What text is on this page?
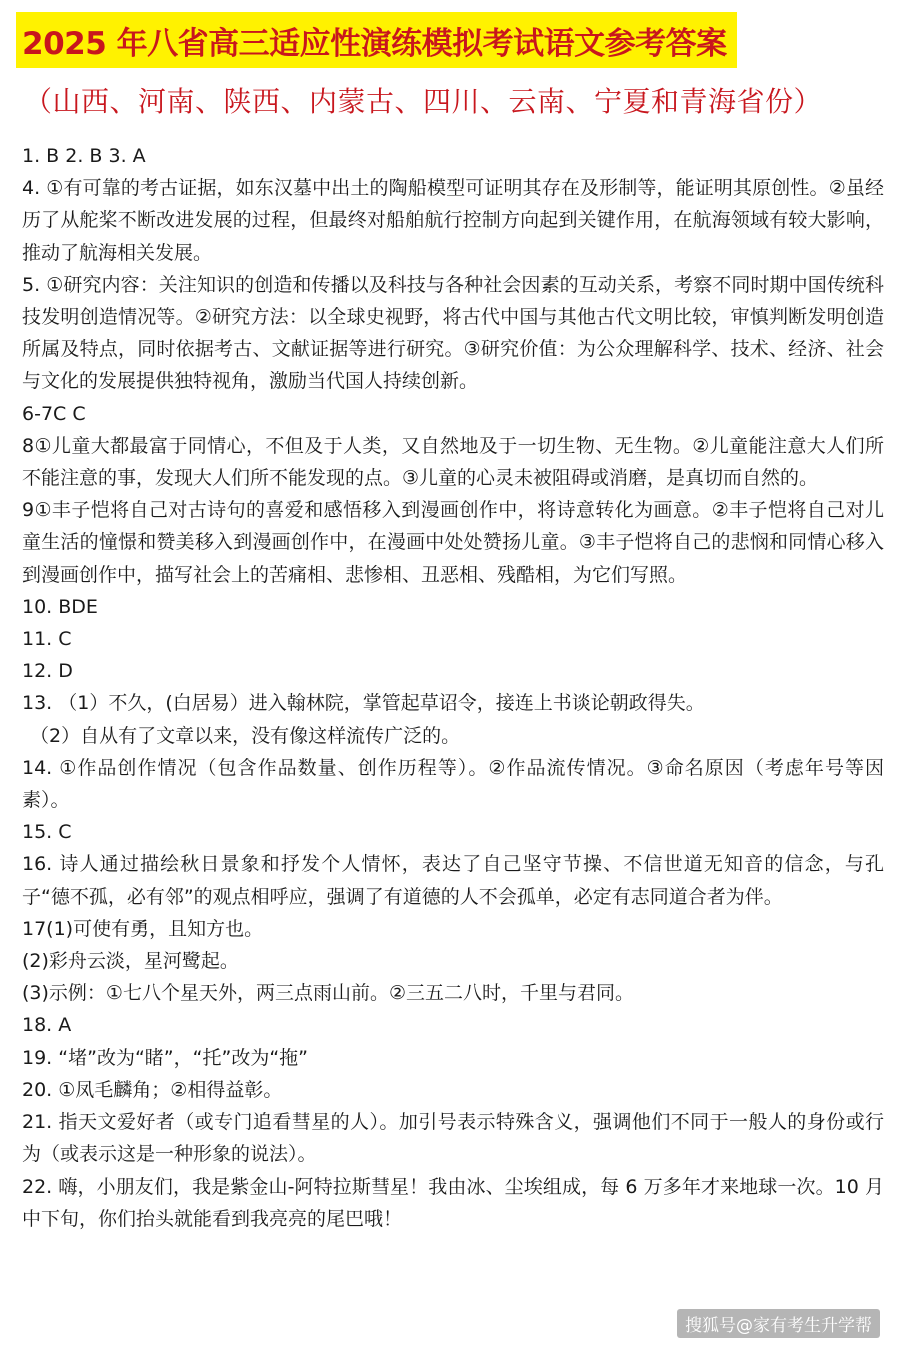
2025 年八省高三适应性演练模拟考试语文参考答案
（山西、河南、陕西、内蒙古、四川、云南、宁夏和青海省份）

1. B 2. B 3. A

4. ①有可靠的考古证据，如东汉墓中出土的陶船模型可证明其存在及形制等，能证明其原创性。②虽经历了从舵桨不断改进发展的过程，但最终对船舶航行控制方向起到关键作用，在航海领域有较大影响，推动了航海相关发展。

5. ①研究内容：关注知识的创造和传播以及科技与各种社会因素的互动关系，考察不同时期中国传统科技发明创造情况等。②研究方法：以全球史视野，将古代中国与其他古代文明比较，审慎判断发明创造所属及特点，同时依据考古、文献证据等进行研究。③研究价值：为公众理解科学、技术、经济、社会与文化的发展提供独特视角，激励当代国人持续创新。

6-7C C

8①儿童大都最富于同情心，不但及于人类，又自然地及于一切生物、无生物。②儿童能注意大人们所不能注意的事，发现大人们所不能发现的点。③儿童的心灵未被阻碍或消磨，是真切而自然的。

9①丰子恺将自己对古诗句的喜爱和感悟移入到漫画创作中，将诗意转化为画意。②丰子恺将自己对儿童生活的憧憬和赞美移入到漫画创作中，在漫画中处处赞扬儿童。③丰子恺将自己的悲悯和同情心移入到漫画创作中，描写社会上的苦痛相、悲惨相、丑恶相、残酷相，为它们写照。

10. BDE

11. C

12. D

13. （1）不久，(白居易）进入翰林院，掌管起草诏令，接连上书谈论朝政得失。

（2）自从有了文章以来，没有像这样流传广泛的。

14. ①作品创作情况（包含作品数量、创作历程等）。②作品流传情况。③命名原因（考虑年号等因素）。

15. C

16. 诗人通过描绘秋日景象和抒发个人情怀，表达了自己坚守节操、不信世道无知音的信念，与孔子“德不孤，必有邻”的观点相呼应，强调了有道德的人不会孤单，必定有志同道合者为伴。

17(1)可使有勇，且知方也。

(2)彩舟云淡，星河鹭起。

(3)示例：①七八个星天外，两三点雨山前。②三五二八时，千里与君同。

18. A

19. “堵”改为“睹”，“托”改为“拖”

20. ①凤毛麟角；②相得益彰。

21. 指天文爱好者（或专门追看彗星的人）。加引号表示特殊含义，强调他们不同于一般人的身份或行为（或表示这是一种形象的说法）。

22. 嗨，小朋友们，我是紫金山-阿特拉斯彗星！我由冰、尘埃组成，每 6 万多年才来地球一次。10 月中下旬，你们抬头就能看到我亮亮的尾巴哦！

搜狐号@家有考生升学帮
